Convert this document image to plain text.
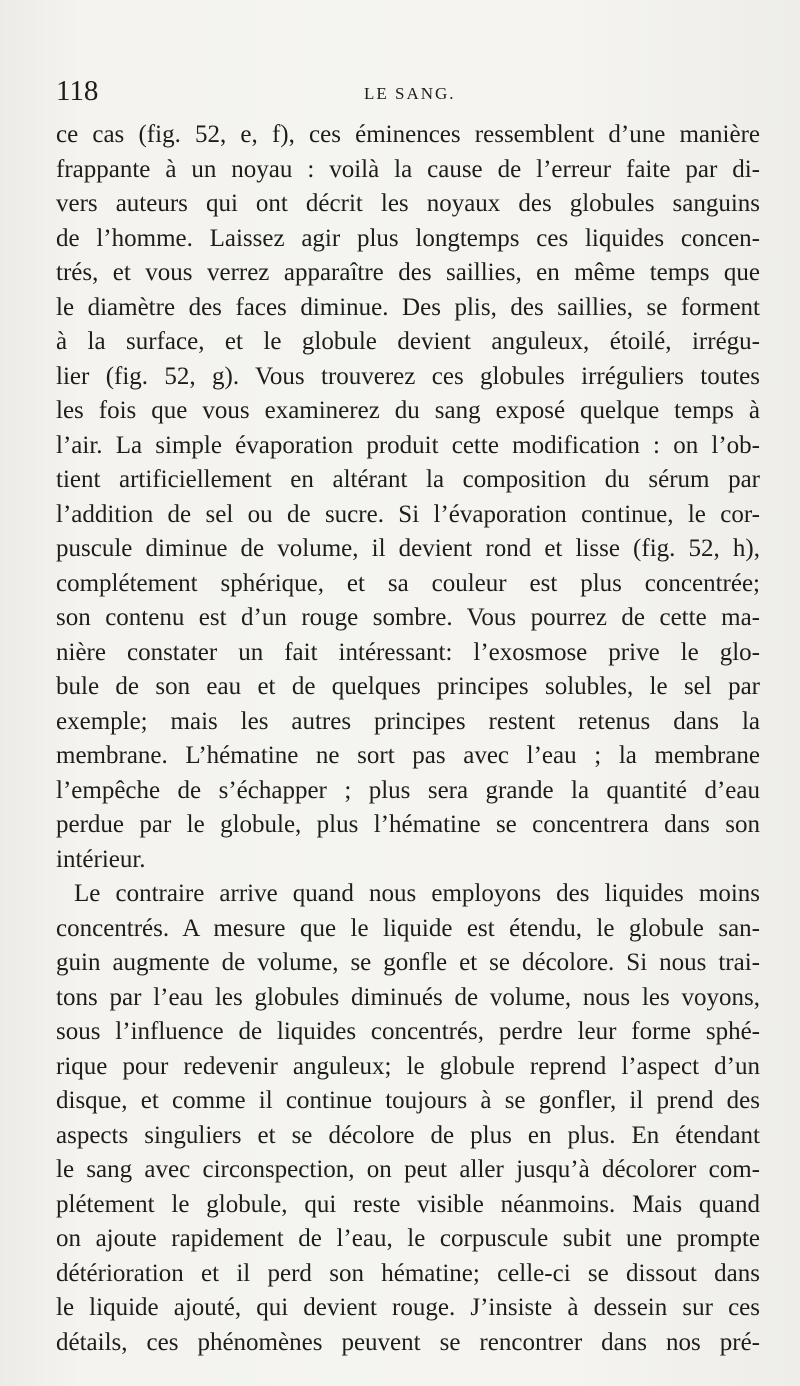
118	LE SANG.
ce cas (fig. 52, e, f), ces éminences ressemblent d’une manière
frappante à un noyau : voilà la cause de l’erreur faite par di-
vers auteurs qui ont décrit les noyaux des globules sanguins
de l’homme. Laissez agir plus longtemps ces liquides concen-
trés, et vous verrez apparaître des saillies, en même temps que
le diamètre des faces diminue. Des plis, des saillies, se forment
à la surface, et le globule devient anguleux, étoilé, irrégu-
lier (fig. 52, g). Vous trouverez ces globules irréguliers toutes
les fois que vous examinerez du sang exposé quelque temps à
l’air. La simple évaporation produit cette modification : on l’ob-
tient artificiellement en altérant la composition du sérum par
l’addition de sel ou de sucre. Si l’évaporation continue, le cor-
puscule diminue de volume, il devient rond et lisse (fig. 52, h),
complétement sphérique, et sa couleur est plus concentrée;
son contenu est d’un rouge sombre. Vous pourrez de cette ma-
nière constater un fait intéressant: l’exosmose prive le glo-
bule de son eau et de quelques principes solubles, le sel par
exemple; mais les autres principes restent retenus dans la
membrane. L’hématine ne sort pas avec l’eau ; la membrane
l’empêche de s’échapper ; plus sera grande la quantité d’eau
perdue par le globule, plus l’hématine se concentrera dans son
intérieur.
Le contraire arrive quand nous employons des liquides moins
concentrés. A mesure que le liquide est étendu, le globule san-
guin augmente de volume, se gonfle et se décolore. Si nous trai-
tons par l’eau les globules diminués de volume, nous les voyons,
sous l’influence de liquides concentrés, perdre leur forme sphé-
rique pour redevenir anguleux; le globule reprend l’aspect d’un
disque, et comme il continue toujours à se gonfler, il prend des
aspects singuliers et se décolore de plus en plus. En étendant
le sang avec circonspection, on peut aller jusqu’à décolorer com-
plétement le globule, qui reste visible néanmoins. Mais quand
on ajoute rapidement de l’eau, le corpuscule subit une prompte
détérioration et il perd son hématine; celle-ci se dissout dans
le liquide ajouté, qui devient rouge. J’insiste à dessein sur ces
détails, ces phénomènes peuvent se rencontrer dans nos pré-
